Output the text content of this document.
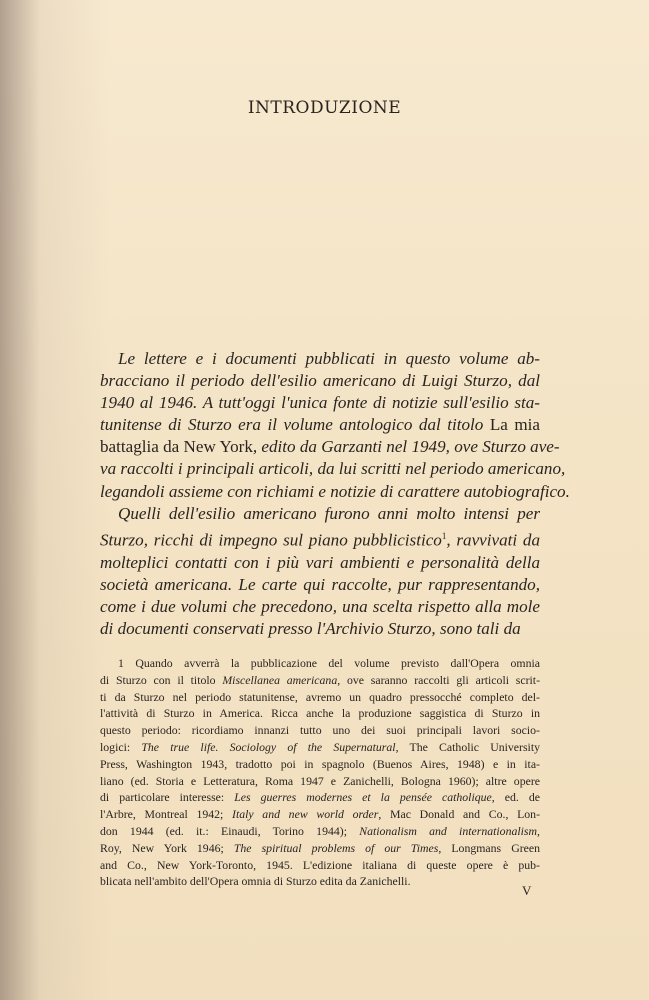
INTRODUZIONE
Le lettere e i documenti pubblicati in questo volume ab-
bracciano il periodo dell'esilio americano di Luigi Sturzo, dal
1940 al 1946. A tutt'oggi l'unica fonte di notizie sull'esilio sta-
tunitense di Sturzo era il volume antologico dal titolo La mia
battaglia da New York, edito da Garzanti nel 1949, ove Sturzo ave-
va raccolti i principali articoli, da lui scritti nel periodo americano,
legandoli assieme con richiami e notizie di carattere autobiografico.
Quelli dell'esilio americano furono anni molto intensi per
Sturzo, ricchi di impegno sul piano pubblicistico$^1$, ravvivati da
molteplici contatti con i più vari ambienti e personalità della
società americana. Le carte qui raccolte, pur rappresentando,
come i due volumi che precedono, una scelta rispetto alla mole
di documenti conservati presso l'Archivio Sturzo, sono tali da
1 Quando avverrà la pubblicazione del volume previsto dall'Opera omnia
di Sturzo con il titolo Miscellanea americana, ove saranno raccolti gli articoli scrit-
ti da Sturzo nel periodo statunitense, avremo un quadro pressocché completo del-
l'attività di Sturzo in America. Ricca anche la produzione saggistica di Sturzo in
questo periodo: ricordiamo innanzi tutto uno dei suoi principali lavori socio-
logici: The true life. Sociology of the Supernatural, The Catholic University
Press, Washington 1943, tradotto poi in spagnolo (Buenos Aires, 1948) e in ita-
liano (ed. Storia e Letteratura, Roma 1947 e Zanichelli, Bologna 1960); altre opere
di particolare interesse: Les guerres modernes et la pensée catholique, ed. de
l'Arbre, Montreal 1942; Italy and new world order, Mac Donald and Co., Lon-
don 1944 (ed. it.: Einaudi, Torino 1944); Nationalism and internationalism,
Roy, New York 1946; The spiritual problems of our Times, Longmans Green
and Co., New York-Toronto, 1945. L'edizione italiana di queste opere è pub-
blicata nell'ambito dell'Opera omnia di Sturzo edita da Zanichelli.
V
